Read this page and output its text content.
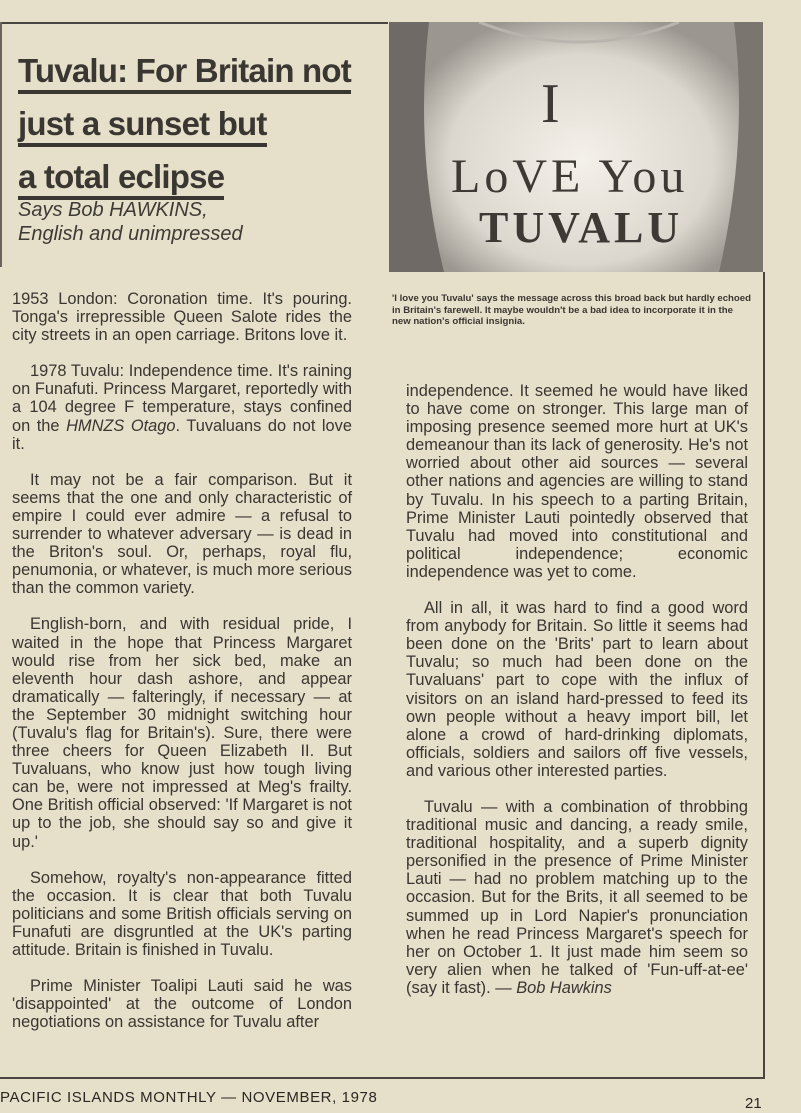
Tuvalu: For Britain not
just a sunset but
a total eclipse
Says Bob HAWKINS,
English and unimpressed
I
LoVE You
TUVALU
'I love you Tuvalu' says the message across this broad back but hardly echoed in Britain's farewell. It maybe wouldn't be a bad idea to incorporate it in the new nation's official insignia.

1953 London: Coronation time. It's pouring. Tonga's irrepressible Queen Salote rides the city streets in an open carriage. Britons love it.

1978 Tuvalu: Independence time. It's raining on Funafuti. Princess Margaret, reportedly with a 104 degree F temperature, stays confined on the HMNZS Otago. Tuvaluans do not love it.

It may not be a fair comparison. But it seems that the one and only characteristic of empire I could ever admire — a refusal to surrender to whatever adversary — is dead in the Briton's soul. Or, perhaps, royal flu, penumonia, or whatever, is much more serious than the common variety.

English-born, and with residual pride, I waited in the hope that Princess Margaret would rise from her sick bed, make an eleventh hour dash ashore, and appear dramatically — falteringly, if necessary — at the September 30 midnight switching hour (Tuvalu's flag for Britain's). Sure, there were three cheers for Queen Elizabeth II. But Tuvaluans, who know just how tough living can be, were not impressed at Meg's frailty. One British official observed: 'If Margaret is not up to the job, she should say so and give it up.'

Somehow, royalty's non-appearance fitted the occasion. It is clear that both Tuvalu politicians and some British officials serving on Funafuti are disgruntled at the UK's parting attitude. Britain is finished in Tuvalu.

Prime Minister Toalipi Lauti said he was 'disappointed' at the outcome of London negotiations on assistance for Tuvalu after

independence. It seemed he would have liked to have come on stronger. This large man of imposing presence seemed more hurt at UK's demeanour than its lack of generosity. He's not worried about other aid sources — several other nations and agencies are willing to stand by Tuvalu. In his speech to a parting Britain, Prime Minister Lauti pointedly observed that Tuvalu had moved into constitutional and political independence; economic independence was yet to come.

All in all, it was hard to find a good word from anybody for Britain. So little it seems had been done on the 'Brits' part to learn about Tuvalu; so much had been done on the Tuvaluans' part to cope with the influx of visitors on an island hard-pressed to feed its own people without a heavy import bill, let alone a crowd of hard-drinking diplomats, officials, soldiers and sailors off five vessels, and various other interested parties.

Tuvalu — with a combination of throbbing traditional music and dancing, a ready smile, traditional hospitality, and a superb dignity personified in the presence of Prime Minister Lauti — had no problem matching up to the occasion. But for the Brits, it all seemed to be summed up in Lord Napier's pronunciation when he read Princess Margaret's speech for her on October 1. It just made him seem so very alien when he talked of 'Fun-uff-at-ee' (say it fast). — Bob Hawkins

PACIFIC ISLANDS MONTHLY — NOVEMBER, 1978	21
